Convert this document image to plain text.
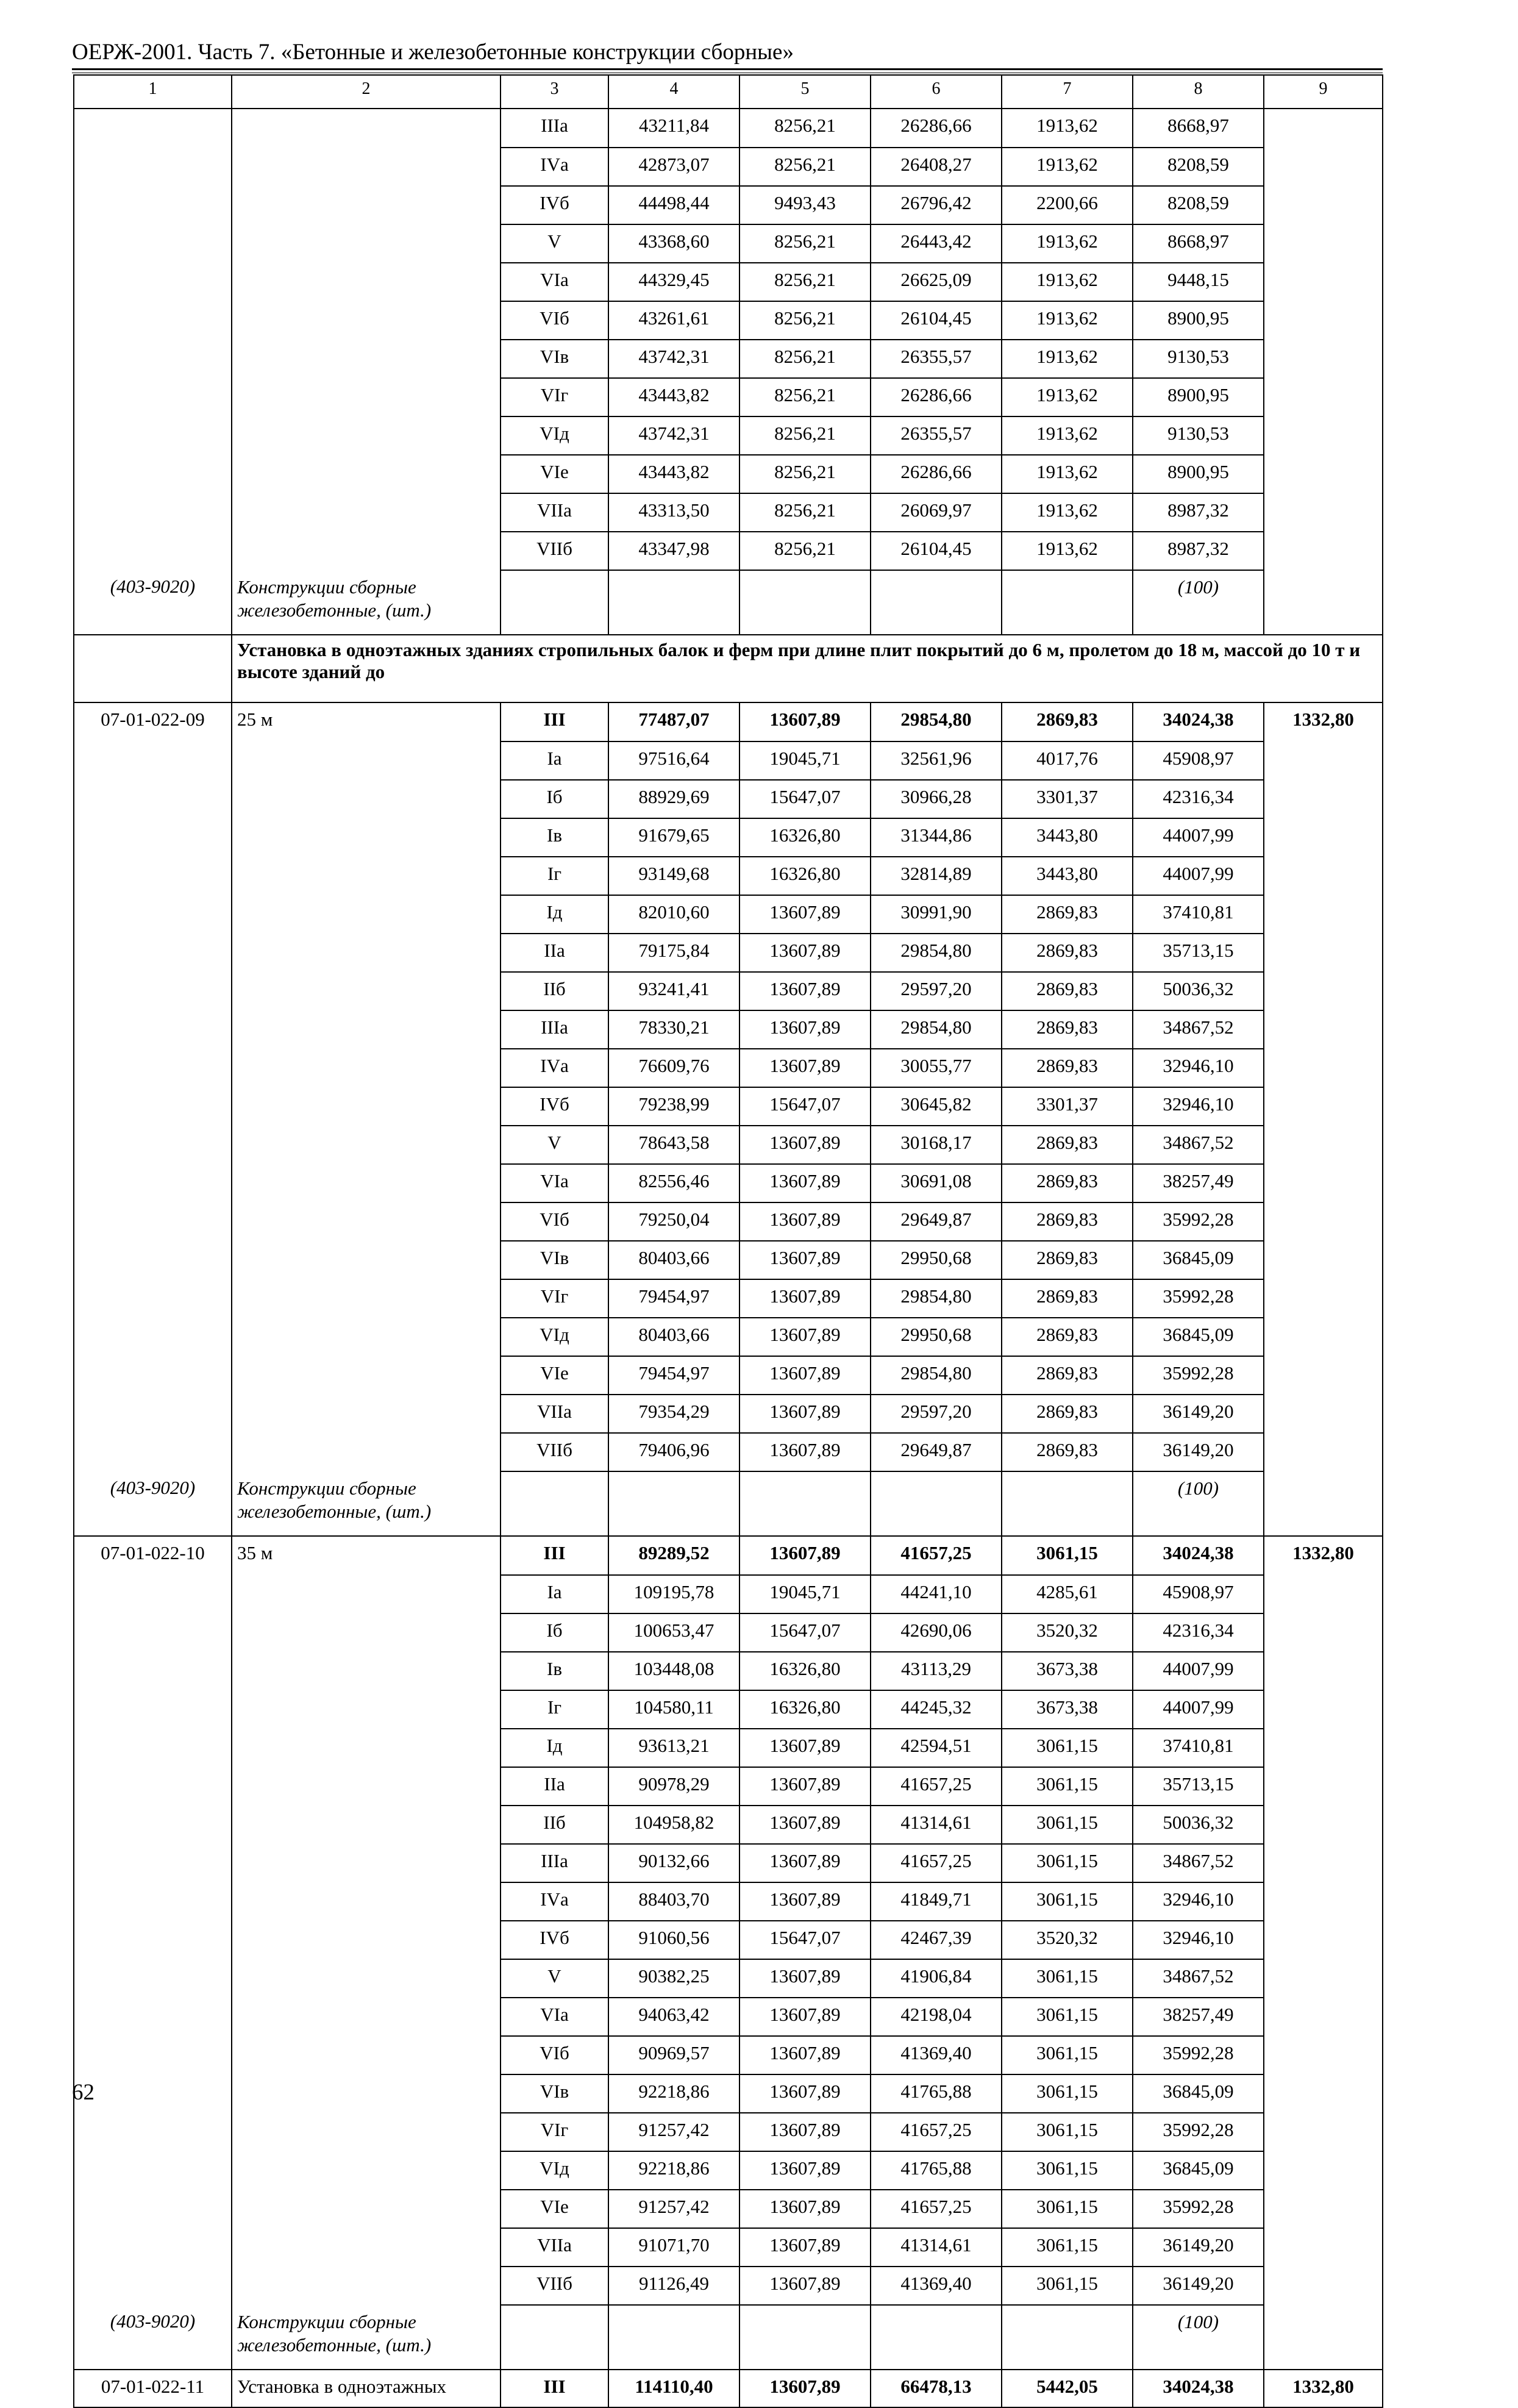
ОЕРЖ-2001. Часть 7. «Бетонные и железобетонные конструкции сборные»
1	2	3	4	5	6	7	8	9
		IIIа	43211,84	8256,21	26286,66	1913,62	8668,97	
		IVа	42873,07	8256,21	26408,27	1913,62	8208,59	
		IVб	44498,44	9493,43	26796,42	2200,66	8208,59	
		V	43368,60	8256,21	26443,42	1913,62	8668,97	
		VIа	44329,45	8256,21	26625,09	1913,62	9448,15	
		VIб	43261,61	8256,21	26104,45	1913,62	8900,95	
		VIв	43742,31	8256,21	26355,57	1913,62	9130,53	
		VIг	43443,82	8256,21	26286,66	1913,62	8900,95	
		VIд	43742,31	8256,21	26355,57	1913,62	9130,53	
		VIе	43443,82	8256,21	26286,66	1913,62	8900,95	
		VIIа	43313,50	8256,21	26069,97	1913,62	8987,32	
		VIIб	43347,98	8256,21	26104,45	1913,62	8987,32	
(403-9020)	Конструкции сборные железобетонные, (шт.)						(100)	
	Установка в одноэтажных зданиях стропильных балок и ферм при длине плит покрытий до 6 м, пролетом до 18 м, массой до 10 т и высоте зданий до							
07-01-022-09	25 м	III	77487,07	13607,89	29854,80	2869,83	34024,38	1332,80
		Iа	97516,64	19045,71	32561,96	4017,76	45908,97	
		Iб	88929,69	15647,07	30966,28	3301,37	42316,34	
		Iв	91679,65	16326,80	31344,86	3443,80	44007,99	
		Iг	93149,68	16326,80	32814,89	3443,80	44007,99	
		Iд	82010,60	13607,89	30991,90	2869,83	37410,81	
		IIа	79175,84	13607,89	29854,80	2869,83	35713,15	
		IIб	93241,41	13607,89	29597,20	2869,83	50036,32	
		IIIа	78330,21	13607,89	29854,80	2869,83	34867,52	
		IVа	76609,76	13607,89	30055,77	2869,83	32946,10	
		IVб	79238,99	15647,07	30645,82	3301,37	32946,10	
		V	78643,58	13607,89	30168,17	2869,83	34867,52	
		VIа	82556,46	13607,89	30691,08	2869,83	38257,49	
		VIб	79250,04	13607,89	29649,87	2869,83	35992,28	
		VIв	80403,66	13607,89	29950,68	2869,83	36845,09	
		VIг	79454,97	13607,89	29854,80	2869,83	35992,28	
		VIд	80403,66	13607,89	29950,68	2869,83	36845,09	
		VIе	79454,97	13607,89	29854,80	2869,83	35992,28	
		VIIа	79354,29	13607,89	29597,20	2869,83	36149,20	
		VIIб	79406,96	13607,89	29649,87	2869,83	36149,20	
(403-9020)	Конструкции сборные железобетонные, (шт.)						(100)	
07-01-022-10	35 м	III	89289,52	13607,89	41657,25	3061,15	34024,38	1332,80
		Iа	109195,78	19045,71	44241,10	4285,61	45908,97	
		Iб	100653,47	15647,07	42690,06	3520,32	42316,34	
		Iв	103448,08	16326,80	43113,29	3673,38	44007,99	
		Iг	104580,11	16326,80	44245,32	3673,38	44007,99	
		Iд	93613,21	13607,89	42594,51	3061,15	37410,81	
		IIа	90978,29	13607,89	41657,25	3061,15	35713,15	
		IIб	104958,82	13607,89	41314,61	3061,15	50036,32	
		IIIа	90132,66	13607,89	41657,25	3061,15	34867,52	
		IVа	88403,70	13607,89	41849,71	3061,15	32946,10	
		IVб	91060,56	15647,07	42467,39	3520,32	32946,10	
		V	90382,25	13607,89	41906,84	3061,15	34867,52	
		VIа	94063,42	13607,89	42198,04	3061,15	38257,49	
		VIб	90969,57	13607,89	41369,40	3061,15	35992,28	
		VIв	92218,86	13607,89	41765,88	3061,15	36845,09	
		VIг	91257,42	13607,89	41657,25	3061,15	35992,28	
		VIд	92218,86	13607,89	41765,88	3061,15	36845,09	
		VIе	91257,42	13607,89	41657,25	3061,15	35992,28	
		VIIа	91071,70	13607,89	41314,61	3061,15	36149,20	
		VIIб	91126,49	13607,89	41369,40	3061,15	36149,20	
(403-9020)	Конструкции сборные железобетонные, (шт.)						(100)	
07-01-022-11	Установка в одноэтажных	III	114110,40	13607,89	66478,13	5442,05	34024,38	1332,80
62
